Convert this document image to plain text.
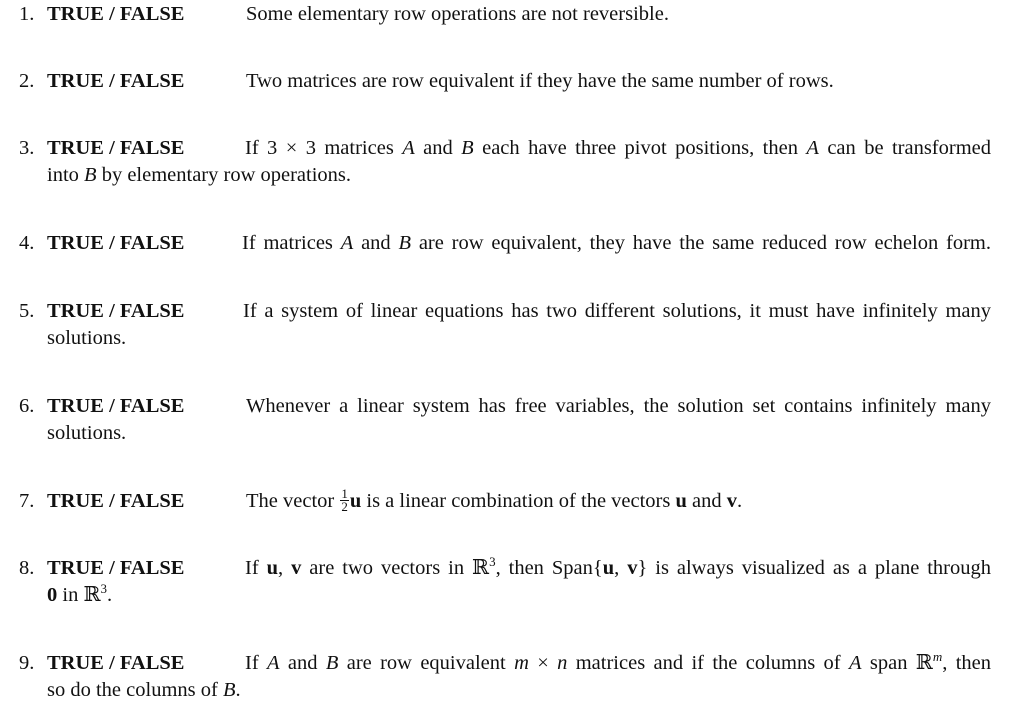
1. TRUE / FALSE	Some elementary row operations are not reversible.
2. TRUE / FALSE	Two matrices are row equivalent if they have the same number of rows.
3. TRUE / FALSE	If 3 × 3 matrices A and B each have three pivot positions, then A can be transformed
into B by elementary row operations.
4. TRUE / FALSE	If matrices A and B are row equivalent, they have the same reduced row echelon form.
5. TRUE / FALSE	If a system of linear equations has two different solutions, it must have infinitely many
solutions.
6. TRUE / FALSE	Whenever a linear system has free variables, the solution set contains infinitely many
solutions.
7. TRUE / FALSE	The vector $\frac{1}{2}$ u is a linear combination of the vectors u and v.
8. TRUE / FALSE	If u, v are two vectors in ℝ$^3$, then Span{u, v} is always visualized as a plane through
0 in ℝ$^3$.
9. TRUE / FALSE	If A and B are row equivalent m × n matrices and if the columns of A span ℝ$^m$, then
so do the columns of B.
